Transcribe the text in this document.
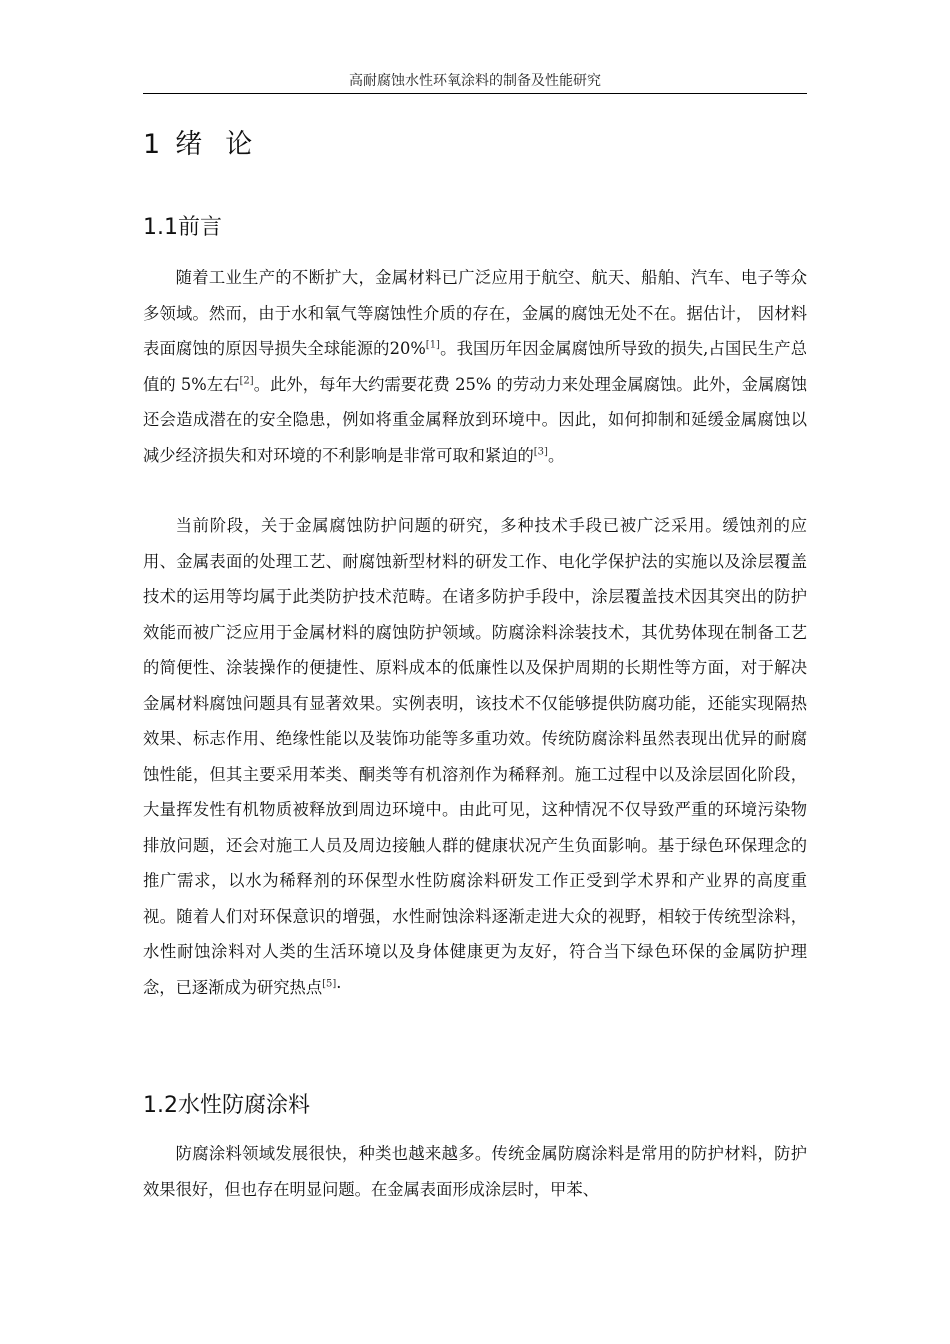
高耐腐蚀水性环氧涂料的制备及性能研究
1 绪 论
1.1前言

随着工业生产的不断扩大，金属材料已广泛应用于航空、航天、船舶、汽车、电子等众多领域。然而，由于水和氧气等腐蚀性介质的存在，金属的腐蚀无处不在。据估计， 因材料表面腐蚀的原因导损失全球能源的20%[1]。我国历年因金属腐蚀所导致的损失,占国民生产总值的 5%左右[2]。此外，每年大约需要花费 25% 的劳动力来处理金属腐蚀。此外，金属腐蚀还会造成潜在的安全隐患，例如将重金属释放到环境中。因此，如何抑制和延缓金属腐蚀以减少经济损失和对环境的不利影响是非常可取和紧迫的[3]。

当前阶段，关于金属腐蚀防护问题的研究，多种技术手段已被广泛采用。缓蚀剂的应用、金属表面的处理工艺、耐腐蚀新型材料的研发工作、电化学保护法的实施以及涂层覆盖技术的运用等均属于此类防护技术范畴。在诸多防护手段中，涂层覆盖技术因其突出的防护效能而被广泛应用于金属材料的腐蚀防护领域。防腐涂料涂装技术，其优势体现在制备工艺的简便性、涂装操作的便捷性、原料成本的低廉性以及保护周期的长期性等方面，对于解决金属材料腐蚀问题具有显著效果。实例表明，该技术不仅能够提供防腐功能，还能实现隔热效果、标志作用、绝缘性能以及装饰功能等多重功效。传统防腐涂料虽然表现出优异的耐腐蚀性能，但其主要采用苯类、酮类等有机溶剂作为稀释剂。施工过程中以及涂层固化阶段，大量挥发性有机物质被释放到周边环境中。由此可见，这种情况不仅导致严重的环境污染物排放问题，还会对施工人员及周边接触人群的健康状况产生负面影响。基于绿色环保理念的推广需求，以水为稀释剂的环保型水性防腐涂料研发工作正受到学术界和产业界的高度重视。随着人们对环保意识的增强，水性耐蚀涂料逐渐走进大众的视野，相较于传统型涂料，水性耐蚀涂料对人类的生活环境以及身体健康更为友好，符合当下绿色环保的金属防护理念，已逐渐成为研究热点[5]·

1.2水性防腐涂料

防腐涂料领域发展很快，种类也越来越多。传统金属防腐涂料是常用的防护材料，防护效果很好，但也存在明显问题。在金属表面形成涂层时，甲苯、
